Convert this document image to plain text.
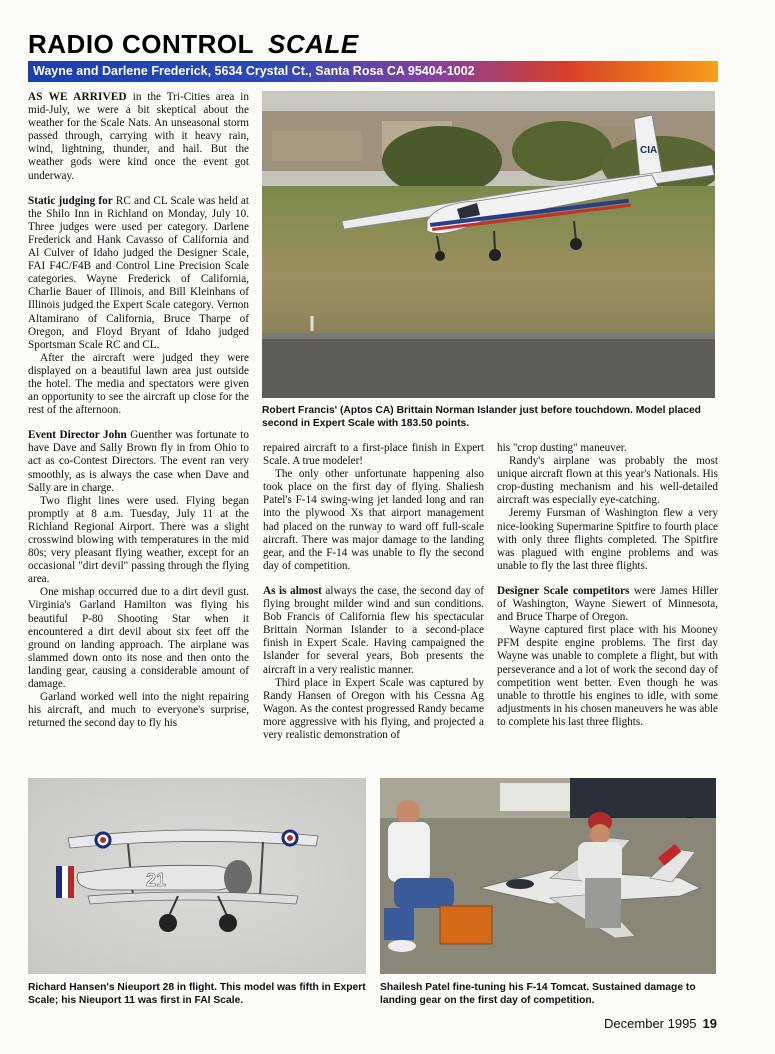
RADIO CONTROL SCALE
Wayne and Darlene Frederick, 5634 Crystal Ct., Santa Rosa CA 95404-1002
CIA
Robert Francis' (Aptos CA) Brittain Norman Islander just before touchdown. Model placed second in Expert Scale with 183.50 points.

AS WE ARRIVED in the Tri-Cities area in mid-July, we were a bit skeptical about the weather for the Scale Nats. An unseasonal storm passed through, carrying with it heavy rain, wind, lightning, thunder, and hail. But the weather gods were kind once the event got underway.

Static judging for RC and CL Scale was held at the Shilo Inn in Richland on Monday, July 10. Three judges were used per category. Darlene Frederick and Hank Cavasso of California and Al Culver of Idaho judged the Designer Scale, FAI F4C/F4B and Control Line Precision Scale categories. Wayne Frederick of California, Charlie Bauer of Illinois, and Bill Kleinhans of Illinois judged the Expert Scale category. Vernon Altamirano of California, Bruce Tharpe of Oregon, and Floyd Bryant of Idaho judged Sportsman Scale RC and CL.

After the aircraft were judged they were displayed on a beautiful lawn area just outside the hotel. The media and spectators were given an opportunity to see the aircraft up close for the rest of the afternoon.

Event Director John Guenther was fortunate to have Dave and Sally Brown fly in from Ohio to act as co-Contest Directors. The event ran very smoothly, as is always the case when Dave and Sally are in charge.

Two flight lines were used. Flying began promptly at 8 a.m. Tuesday, July 11 at the Richland Regional Airport. There was a slight crosswind blowing with temperatures in the mid 80s; very pleasant flying weather, except for an occasional "dirt devil" passing through the flying area.

One mishap occurred due to a dirt devil gust. Virginia's Garland Hamilton was flying his beautiful P-80 Shooting Star when it encountered a dirt devil about six feet off the ground on landing approach. The airplane was slammed down onto its nose and then onto the landing gear, causing a considerable amount of damage.

Garland worked well into the night repairing his aircraft, and much to everyone's surprise, returned the second day to fly his

repaired aircraft to a first-place finish in Expert Scale. A true modeler!

The only other unfortunate happening also took place on the first day of flying. Shaliesh Patel's F-14 swing-wing jet landed long and ran into the plywood Xs that airport management had placed on the runway to ward off full-scale aircraft. There was major damage to the landing gear, and the F-14 was unable to fly the second day of competition.

As is almost always the case, the second day of flying brought milder wind and sun conditions. Bob Francis of California flew his spectacular Brittain Norman Islander to a second-place finish in Expert Scale. Having campaigned the Islander for several years, Bob presents the aircraft in a very realistic manner.

Third place in Expert Scale was captured by Randy Hansen of Oregon with his Cessna Ag Wagon. As the contest progressed Randy became more aggressive with his flying, and projected a very realistic demonstration of

his "crop dusting" maneuver.

Randy's airplane was probably the most unique aircraft flown at this year's Nationals. His crop-dusting mechanism and his well-detailed aircraft was especially eye-catching.

Jeremy Fursman of Washington flew a very nice-looking Supermarine Spitfire to fourth place with only three flights completed. The Spitfire was plagued with engine problems and was unable to fly the last three flights.

Designer Scale competitors were James Hiller of Washington, Wayne Siewert of Minnesota, and Bruce Tharpe of Oregon.

Wayne captured first place with his Mooney PFM despite engine problems. The first day Wayne was unable to complete a flight, but with perseverance and a lot of work the second day of competition went better. Even though he was unable to throttle his engines to idle, with some adjustments in his chosen maneuvers he was able to complete his last three flights.

21
Richard Hansen's Nieuport 28 in flight. This model was fifth in Expert Scale; his Nieuport 11 was first in FAI Scale.
Shailesh Patel fine-tuning his F-14 Tomcat. Sustained damage to landing gear on the first day of competition.
December 1995 19
